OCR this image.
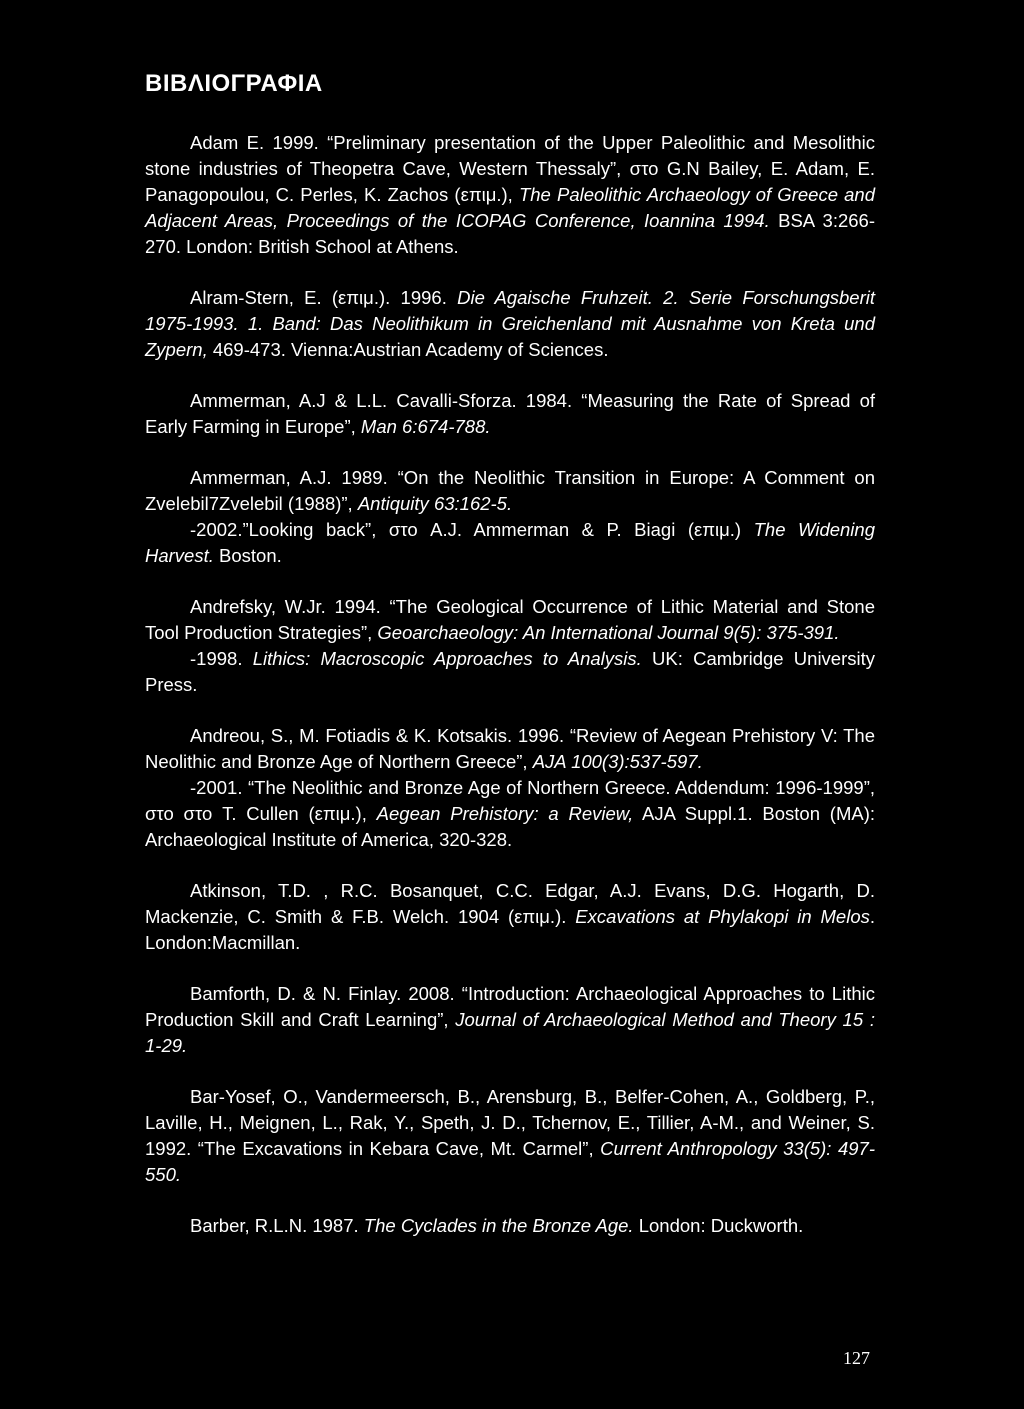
ΒΙΒΛΙΟΓΡΑΦΙΑ

Adam E. 1999. “Preliminary presentation of the Upper Paleolithic and Mesolithic stone industries of Theopetra Cave, Western Thessaly”, στο G.N Bailey, E. Adam, E. Panagopoulou, C. Perles, K. Zachos (επιμ.), The Paleolithic Archaeology of Greece and Adjacent Areas, Proceedings of the ICOPAG Conference, Ioannina 1994. BSA 3:266-270. London: British School at Athens.

Alram-Stern, E. (επιμ.). 1996. Die Agaische Fruhzeit. 2. Serie Forschungsberit 1975-1993. 1. Band: Das Neolithikum in Greichenland mit Ausnahme von Kreta und Zypern, 469-473. Vienna:Austrian Academy of Sciences.

Ammerman, A.J & L.L. Cavalli-Sforza. 1984. “Measuring the Rate of Spread of Early Farming in Europe”, Man 6:674-788.

Ammerman, A.J. 1989. “On the Neolithic Transition in Europe: A Comment on Zvelebil7Zvelebil (1988)”, Antiquity 63:162-5.

-2002.”Looking back”, στο A.J. Ammerman & P. Biagi (επιμ.) The Widening Harvest. Boston.

Andrefsky, W.Jr. 1994. “The Geological Occurrence of Lithic Material and Stone Tool Production Strategies”, Geoarchaeology: An International Journal 9(5): 375-391.

-1998. Lithics: Macroscopic Approaches to Analysis. UK: Cambridge University Press.

Andreou, S., M. Fotiadis & K. Kotsakis. 1996. “Review of Aegean Prehistory V: The Neolithic and Bronze Age of Northern Greece”, AJA 100(3):537-597.

-2001. “The Neolithic and Bronze Age of Northern Greece. Addendum: 1996-1999”, στο στο T. Cullen (επιμ.), Aegean Prehistory: a Review, AJA Suppl.1. Boston (MA): Archaeological Institute of America, 320-328.

Atkinson, T.D. , R.C. Bosanquet, C.C. Edgar, A.J. Evans, D.G. Hogarth, D. Mackenzie, C. Smith & F.B. Welch. 1904 (επιμ.). Excavations at Phylakopi in Melos. London:Macmillan.

Bamforth, D. & N. Finlay. 2008. “Introduction: Archaeological Approaches to Lithic Production Skill and Craft Learning”, Journal of Archaeological Method and Theory 15 : 1-29.

Bar-Yosef, O., Vandermeersch, B., Arensburg, B., Belfer-Cohen, A., Goldberg, P., Laville, H., Meignen, L., Rak, Y., Speth, J. D., Tchernov, E., Tillier, A-M., and Weiner, S. 1992. “The Excavations in Kebara Cave, Mt. Carmel”, Current Anthropology 33(5): 497-550.

Barber, R.L.N. 1987. The Cyclades in the Bronze Age. London: Duckworth.

127
